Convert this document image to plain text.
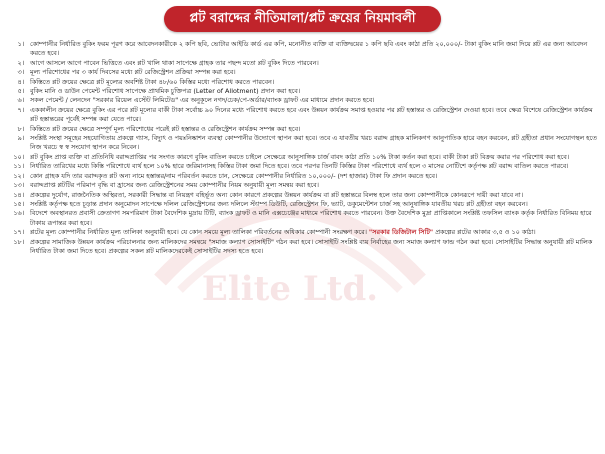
Elite Ltd.
প্লট বরাদ্দের নীতিমালা/প্লট ক্রয়ের নিয়মাবলী
১। কোম্পানীর নির্ধারিত বুকিং ফরম পূরণ করে আবেদনকারীকে ২ কপি ছবি, ভোটার আইডি কার্ড এর কপি, মনোনীত ব্যক্তি বা ব্যক্তিদ্বয়ের ১ কপি ছবি এবং কাঠা প্রতি ২০,০০০/- টাকা বুকিং মানি জমা দিয়ে প্লট এর জন্য আবেদন করতে হবে।
২। আগে আসলে আগে পাবেন ভিত্তিতে এবং প্লট খালি থাকা সাপেক্ষে গ্রাহক তার পছন্দ মতো প্লট বুকিং দিতে পারবেন।
৩। মূল্য পরিশোধের পর ৩ কার্য দিবসের মধ্যে প্লট রেজিস্ট্রেশন প্রক্রিয়া সম্পন্ন করা হবে।
৪। কিস্তিতে প্লট ক্রয়ের ক্ষেত্রে প্লট মূল্যের অবশিষ্ট টাকা ৪৮/৬০ কিস্তির মধ্যে পরিশোধ করতে পারবেন।
৫। বুকিং মানি ও ডাউন পেমেন্ট পরিশোধ সাপেক্ষে প্রাথমিক চুক্তিপত্র (Letter of Allotment) প্রদান করা হবে।
৬। সকল পেমেন্ট / লেনদেন "সরকার রিয়েল এস্টেট লিমিটেড" এর অনুকূলে নগদ/চেক/পে-অর্ডার/ব্যাংক ড্রাফট এর মাধ্যমে প্রদান করতে হবে।
৭। এককালীন ক্রয়ের ক্ষেত্রে বুকিং এর পরে প্লট মূল্যের বাকী টাকা সর্বোচ্চ ৯০ দিনের মধ্যে পরিশোধ করতে হবে এবং উন্নয়ন কার্যক্রম সমাপ্ত হওয়ার পর প্লট হস্তান্তর ও রেজিস্ট্রেশন দেওয়া হবে। তবে ক্ষেত্র বিশেষে রেজিস্ট্রেশন কার্যক্রম প্লট হস্তান্তরের পূর্বেই সম্পন্ন করা যেতে পারে।
৮। কিস্তিতে প্লট ক্রয়ের ক্ষেত্রে সম্পূর্ণ মূল্য পরিশোধের পরেই প্লট হস্তান্তর ও রেজিস্ট্রেশন কার্যক্রম সম্পন্ন করা হবে।
৯। সংশ্লিষ্ট সংস্থা সমূহের সহযোগিতায় প্রকল্পে গ্যাস, বিদ্যুৎ ও পয়ঃনিষ্কাশন ব্যবস্থা কোম্পানীর উদ্যোগে স্থাপন করা হবে। তবে এ যাবতীয় খরচ বরাদ্দ গ্রাহক মালিকগণ আনুপাতিক হারে বহন করবেন, প্লট গ্রহীতা প্রধান সংযোগস্থল হতে নিজ খরচে স্ব স্ব সংযোগ স্থাপন করে নিবেন।
১০। প্লট বুকিং প্রাপ্ত ব্যক্তি বা প্রতিনিধি বরাদ্দপ্রাপ্তির পর সংগত কারণে বুকিং বাতিল করতে চাইলে সেক্ষেত্রে আনুসাঙ্গিক চার্জ বাবদ কাঠা প্রতি ১০% টাকা কর্তন করা হবে। বাকী টাকা প্লট বিক্রয় করার পর পরিশোধ করা হবে।
১১। নির্ধারিত তারিখের মধ্যে কিস্তি পরিশোধে ব্যর্থ হলে ১০% হারে জরিমানাসহ কিস্তির টাকা জমা দিতে হবে। তবে পরপর তিনটি কিস্তির টাকা পরিশোধে ব্যর্থ হলে ৩ মাসের নোটিশে কর্তৃপক্ষ প্লট বরাদ্দ বাতিল করতে পারবে।
১২। কোন গ্রাহক যদি তার বরাদ্দকৃত প্লট অন্য নামে হস্তান্তর/নাম পরিবর্তন করতে চান, সেক্ষেত্রে কোম্পানীর নির্ধারিত ১০,০০০/- (দশ হাজার) টাকা ফি প্রদান করতে হবে।
১৩। বরাদ্দপ্রাপ্ত প্লটটির পরিমাপ বৃদ্ধি বা হ্রাসের জন্য রেজিস্ট্রেশনের সময় কোম্পানীর নিয়ম অনুযায়ী মূল্য সমন্বয় করা হবে।
১৪। প্রকল্পের দুর্যোগ, রাজনৈতিক অস্থিরতা, সরকারী সিদ্ধান্ত বা নিয়ন্ত্রণ বহির্ভূত অন্য কোন কারণে প্রকল্পের উন্নয়ন কার্যক্রম বা প্লট হস্তান্তরে বিলম্ব হলে তার জন্য কোম্পানীকে কোনরূপে দায়ী করা যাবে না।
১৫। সংশ্লিষ্ট কর্তৃপক্ষ হতে চূড়ান্ত প্রদান অনুমোদন সাপেক্ষে দলিল রেজিস্ট্রেশনের জন্য দলিলে স্ট্যাম্প ডিউটি, রেজিস্ট্রেশন ফি, ভ্যাট, ডকুমেন্টেশন চার্জ সহ আনুষাঙ্গিক যাবতীয় খরচ প্লট গ্রহীতা বহন করবেন।
১৬। বিদেশে অবস্থানরত প্রবাসী ক্রেতাগণ সমপরিমাণ টাকা বৈদেশিক মুদ্রায় টিটি, ব্যাংক ড্রাফট ও মানি এক্সচেঞ্জের মাধ্যমে পরিশোধ করতে পারবেন। উক্ত বৈদেশিক মুদ্রা প্রাপ্তিকালে সংশ্লিষ্ট তফসিল ব্যাংক কর্তৃক নির্ধারিত বিনিময় হারে টাকায় রূপান্তর করা হবে।
১৭। প্লটের মূল্য কোম্পানীর নির্ধারিত মূল্য তালিকা অনুযায়ী হবে। যে কোন সময়ে মূল্য তালিকা পরিবর্তনের অধিকার কোম্পানী সংরক্ষণ করে। "সরকার ডিজিটাল সিটি" প্রকল্পের প্লটের আকার ৩,৫ ও ১০ কাঠা।
১৮। প্রকল্পের সামাজিক উন্নয়ন কার্যক্রম পরিচালনার জন্য মালিকদের সমন্বয়ে "সমাজ কল্যাণ সোসাইটি" গঠন করা হবে। সোসাইটি সংশ্লিষ্ট ব্যয় নির্বাহের জন্য সমাজ কল্যাণ ফান্ড গঠন করা হবে। সোসাইটির সিদ্ধান্ত অনুযায়ী প্লট মালিক নির্ধারিত টাকা জমা দিতে হবে। প্রকল্পের সকল প্লট মালিকদেরকেই সোসাইটির সদস্য হতে হবে।
